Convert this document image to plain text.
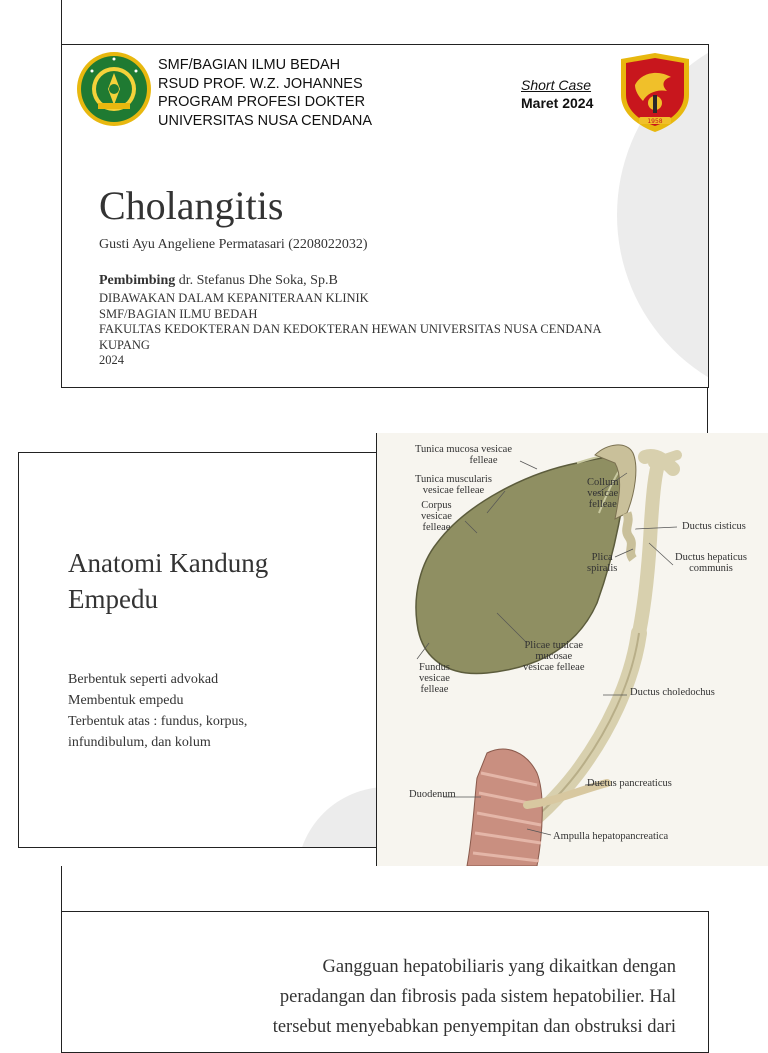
SMF/BAGIAN ILMU BEDAH
RSUD PROF. W.Z. JOHANNES
PROGRAM PROFESI DOKTER
UNIVERSITAS NUSA CENDANA
Short Case
Maret 2024
1958
Cholangitis
Gusti Ayu Angeliene Permatasari (2208022032)
Pembimbing dr. Stefanus Dhe Soka, Sp.B
DIBAWAKAN DALAM KEPANITERAAN KLINIK
SMF/BAGIAN ILMU BEDAH
FAKULTAS KEDOKTERAN DAN KEDOKTERAN HEWAN UNIVERSITAS NUSA CENDANA
KUPANG
2024
Anatomi Kandung
Empedu
Berbentuk seperti advokad
Membentuk empedu
Terbentuk atas : fundus, korpus,
infundibulum, dan kolum
Tunica mucosa vesicae
felleae
Tunica muscularis
vesicae felleae
Corpus
vesicae
felleae
Collum
vesicae
felleae
Ductus cisticus
Plica
spiralis
Ductus hepaticus
communis
Plicae tunicae
mucosae
vesicae felleae
Fundus
vesicae
felleae	Ductus choledochus
Ductus pancreaticus
Duodenum
Ampulla hepatopancreatica
Gangguan hepatobiliaris yang dikaitkan dengan
peradangan dan fibrosis pada sistem hepatobilier. Hal
tersebut menyebabkan penyempitan dan obstruksi dari
